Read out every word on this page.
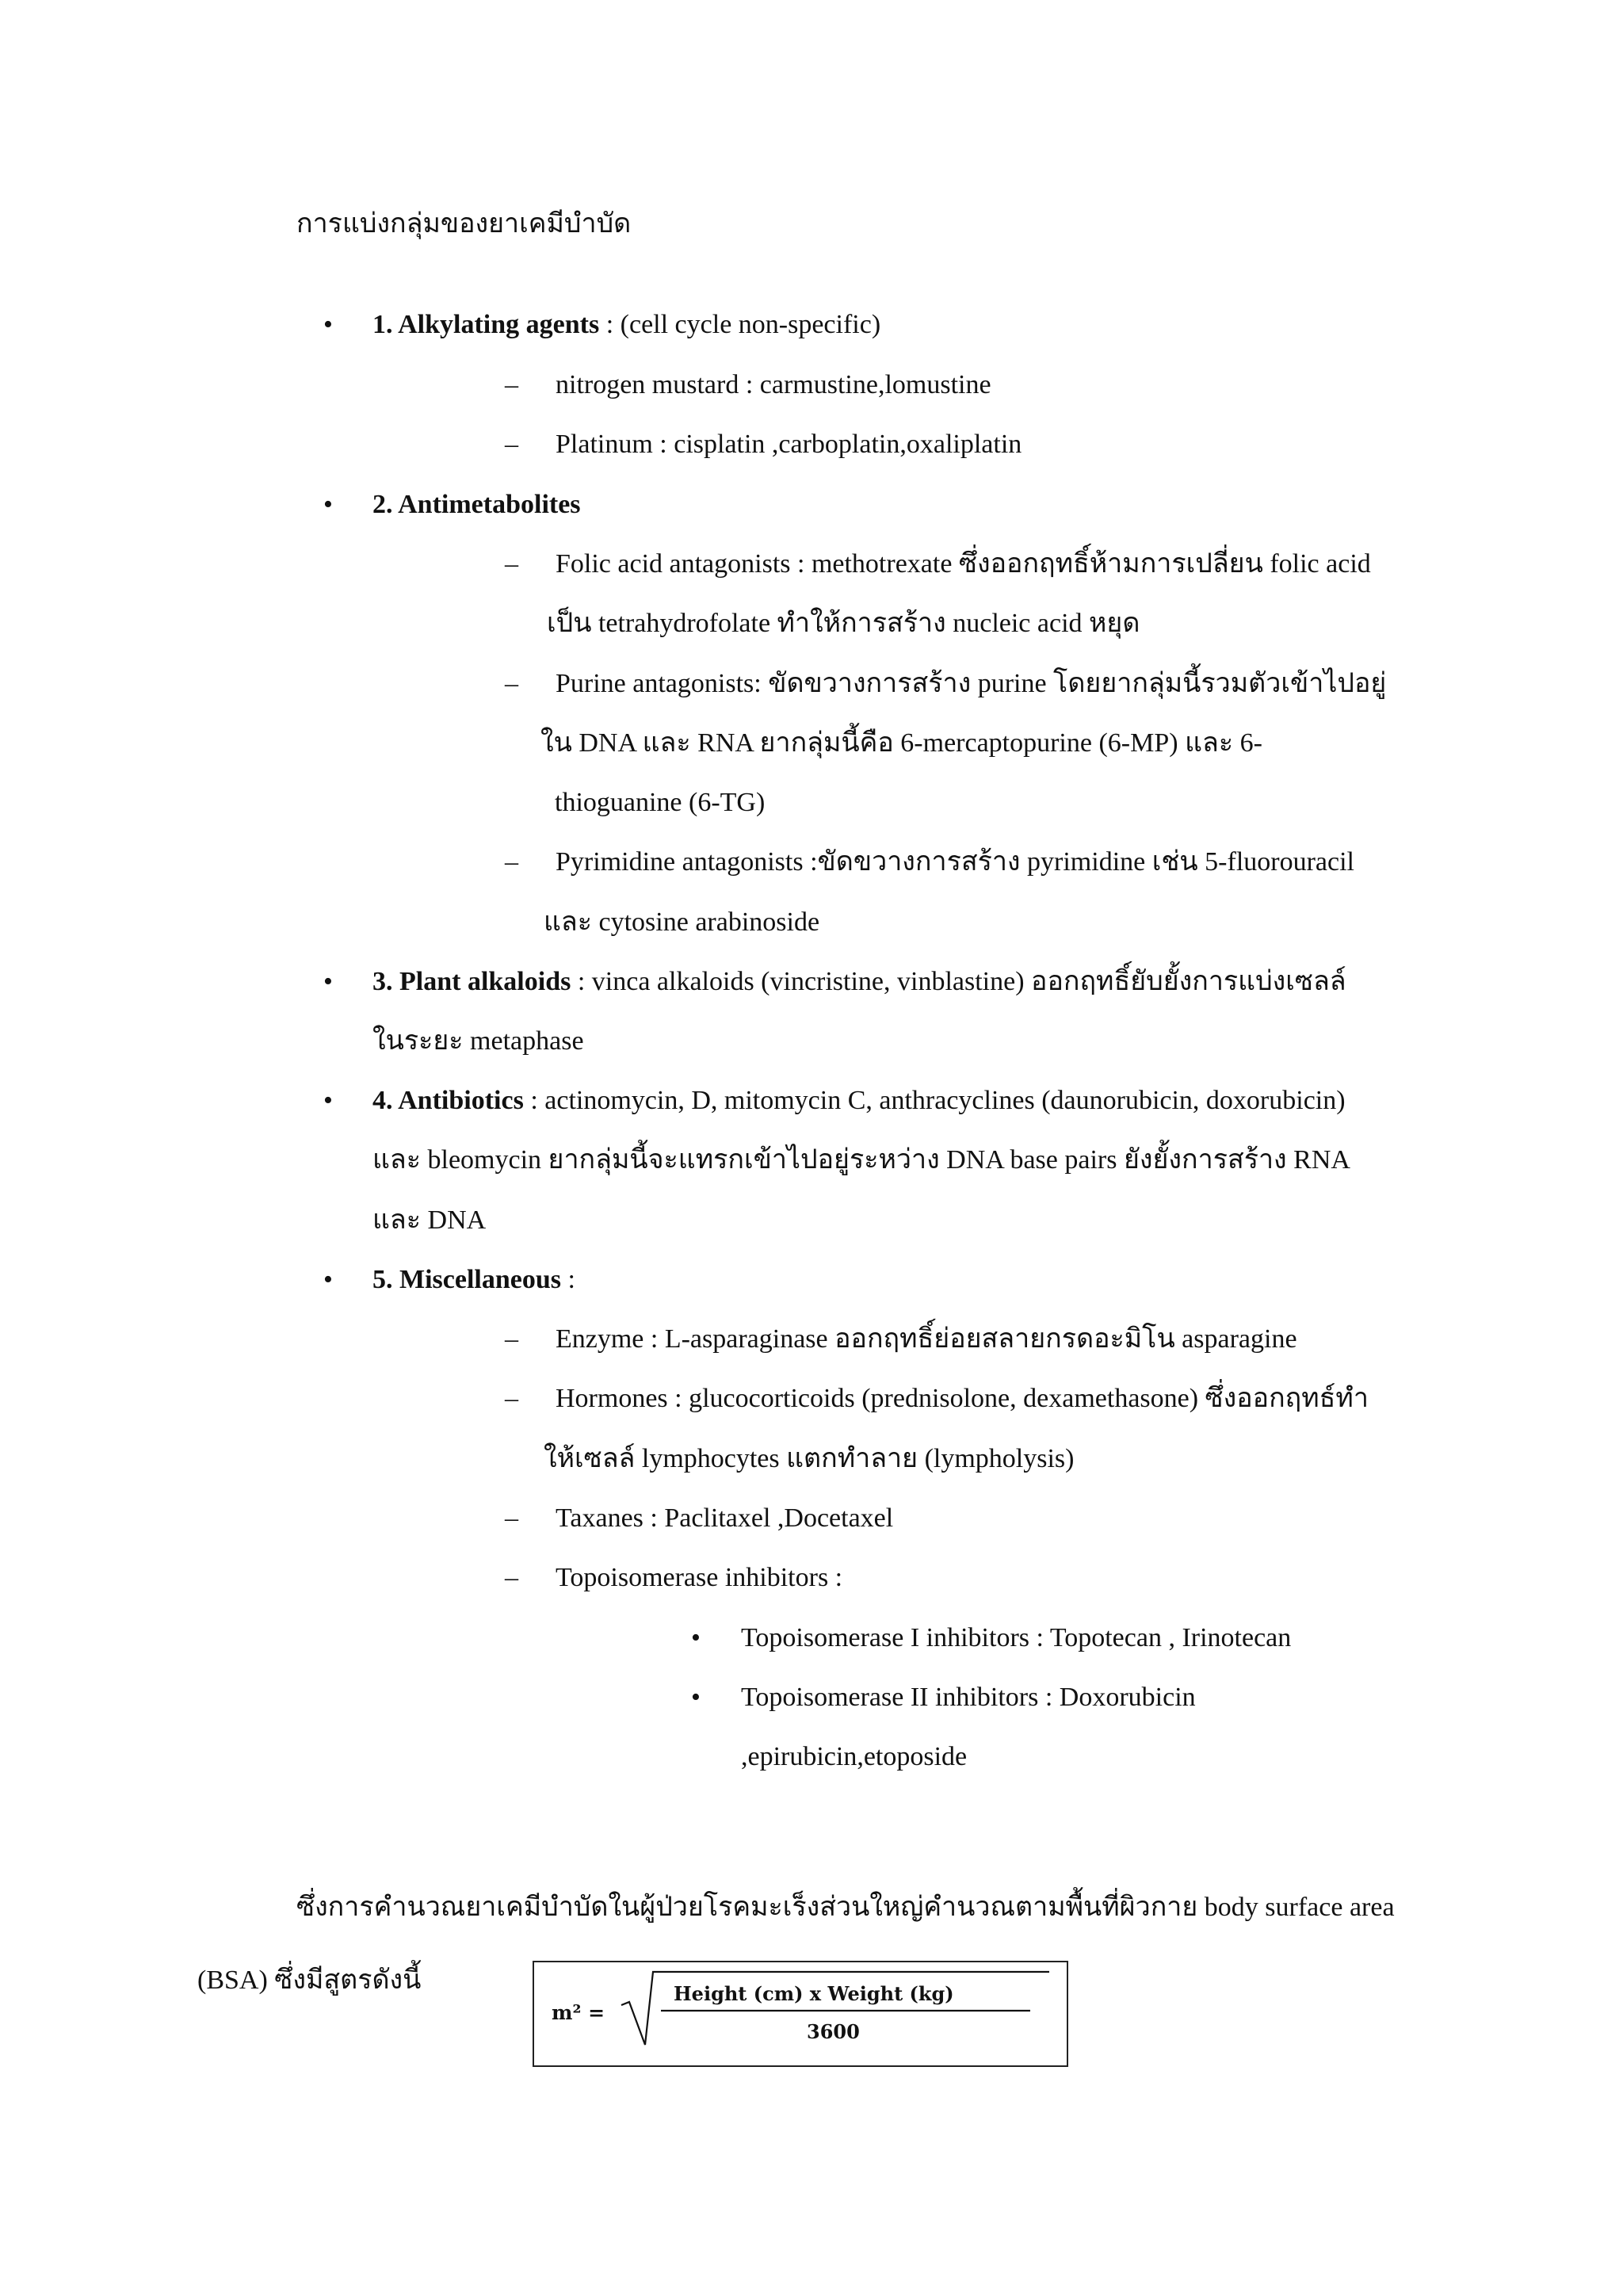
การแบ่งกลุ่มของยาเคมีบำบัด
• 1. Alkylating agents : (cell cycle non-specific)
– nitrogen mustard : carmustine,lomustine
– Platinum : cisplatin ,carboplatin,oxaliplatin
• 2. Antimetabolites
– Folic acid antagonists : methotrexate ซึ่งออกฤทธิ์ห้ามการเปลี่ยน folic acid
เป็น tetrahydrofolate ทำให้การสร้าง nucleic acid หยุด
– Purine antagonists: ขัดขวางการสร้าง purine โดยยากลุ่มนี้รวมตัวเข้าไปอยู่
ใน DNA และ RNA ยากลุ่มนี้คือ 6-mercaptopurine (6-MP) และ 6-
thioguanine (6-TG)
– Pyrimidine antagonists :ขัดขวางการสร้าง pyrimidine เช่น 5-fluorouracil
และ cytosine arabinoside
• 3. Plant alkaloids : vinca alkaloids (vincristine, vinblastine) ออกฤทธิ์ยับยั้งการแบ่งเซลล์
ในระยะ metaphase
• 4. Antibiotics : actinomycin, D, mitomycin C, anthracyclines (daunorubicin, doxorubicin)
และ bleomycin ยากลุ่มนี้จะแทรกเข้าไปอยู่ระหว่าง DNA base pairs ยังยั้งการสร้าง RNA
และ DNA
• 5. Miscellaneous :
– Enzyme : L-asparaginase ออกฤทธิ์ย่อยสลายกรดอะมิโน asparagine
– Hormones : glucocorticoids (prednisolone, dexamethasone) ซึ่งออกฤทธ์ทำ
ให้เซลล์ lymphocytes แตกทำลาย (lympholysis)
– Taxanes : Paclitaxel ,Docetaxel
– Topoisomerase inhibitors :
• Topoisomerase I inhibitors : Topotecan , Irinotecan
• Topoisomerase II inhibitors : Doxorubicin
,epirubicin,etoposide
ซึ่งการคำนวณยาเคมีบำบัดในผู้ป่วยโรคมะเร็งส่วนใหญ่คำนวณตามพื้นที่ผิวกาย body surface area
(BSA) ซึ่งมีสูตรดังนี้
m² =
Height (cm) x Weight (kg)
3600
